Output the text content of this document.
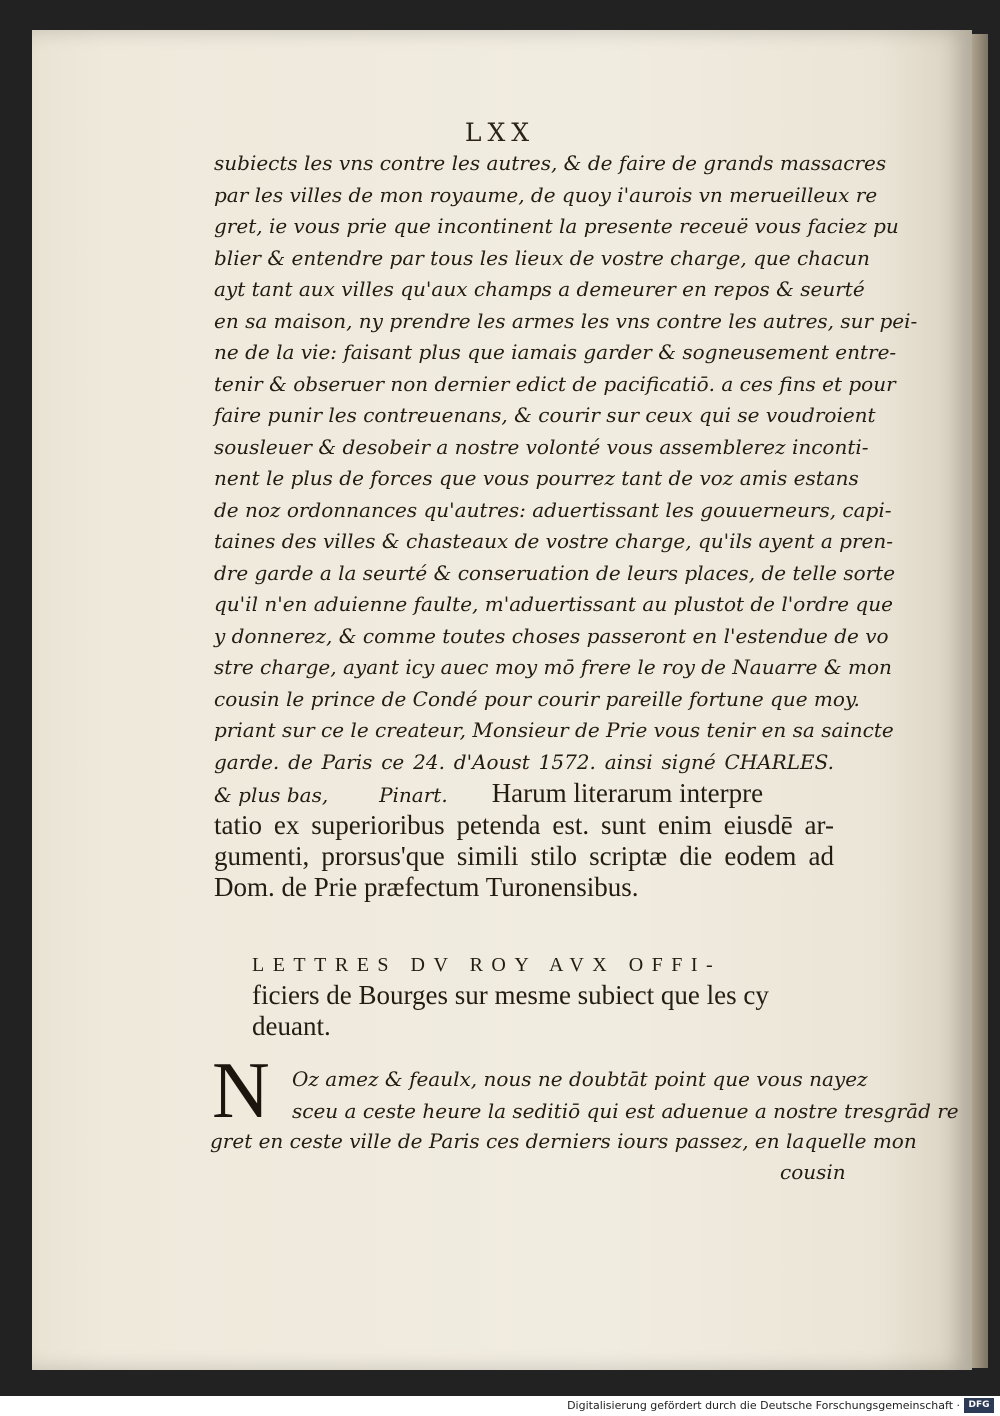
LXX
subiects les vns contre les autres, & de faire de grands massacres
par les villes de mon royaume, de quoy i'aurois vn merueilleux re
gret, ie vous prie que incontinent la presente receuë vous faciez pu
blier & entendre par tous les lieux de vostre charge, que chacun
ayt tant aux villes qu'aux champs a demeurer en repos & seurté
en sa maison, ny prendre les armes les vns contre les autres, sur pei-
ne de la vie: faisant plus que iamais garder & sogneusement entre-
tenir & obseruer non dernier edict de pacificatiō. a ces fins et pour
faire punir les contreuenans, & courir sur ceux qui se voudroient
sousleuer & desobeir a nostre volonté vous assemblerez inconti-
nent le plus de forces que vous pourrez tant de voz amis estans
de noz ordonnances qu'autres: aduertissant les gouuerneurs, capi-
taines des villes & chasteaux de vostre charge, qu'ils ayent a pren-
dre garde a la seurté & conseruation de leurs places, de telle sorte
qu'il n'en aduienne faulte, m'aduertissant au plustot de l'ordre que
y donnerez, & comme toutes choses passeront en l'estendue de vo
stre charge, ayant icy auec moy mō frere le roy de Nauarre & mon
cousin le prince de Condé pour courir pareille fortune que moy.
priant sur ce le createur, Monsieur de Prie vous tenir en sa saincte
garde. de Paris ce 24. d'Aoust 1572. ainsi signé CHARLES.
& plus bas,        Pinart. Harum literarum interpre
tatio ex superioribus petenda est. sunt enim eiusdē ar-
gumenti, prorsus'que simili stilo scriptæ die eodem ad
Dom. de Prie præfectum Turonensibus.
LETTRES DV ROY AVX OFFI-
ficiers de Bourges sur mesme subiect que les cy
deuant.
N Oz amez & feaulx, nous ne doubtāt point que vous nayez
sceu a ceste heure la seditiō qui est aduenue a nostre tresgrād re
gret en ceste ville de Paris ces derniers iours passez, en laquelle mon
cousin
Digitalisierung gefördert durch die Deutsche Forschungsgemeinschaft · DFG
